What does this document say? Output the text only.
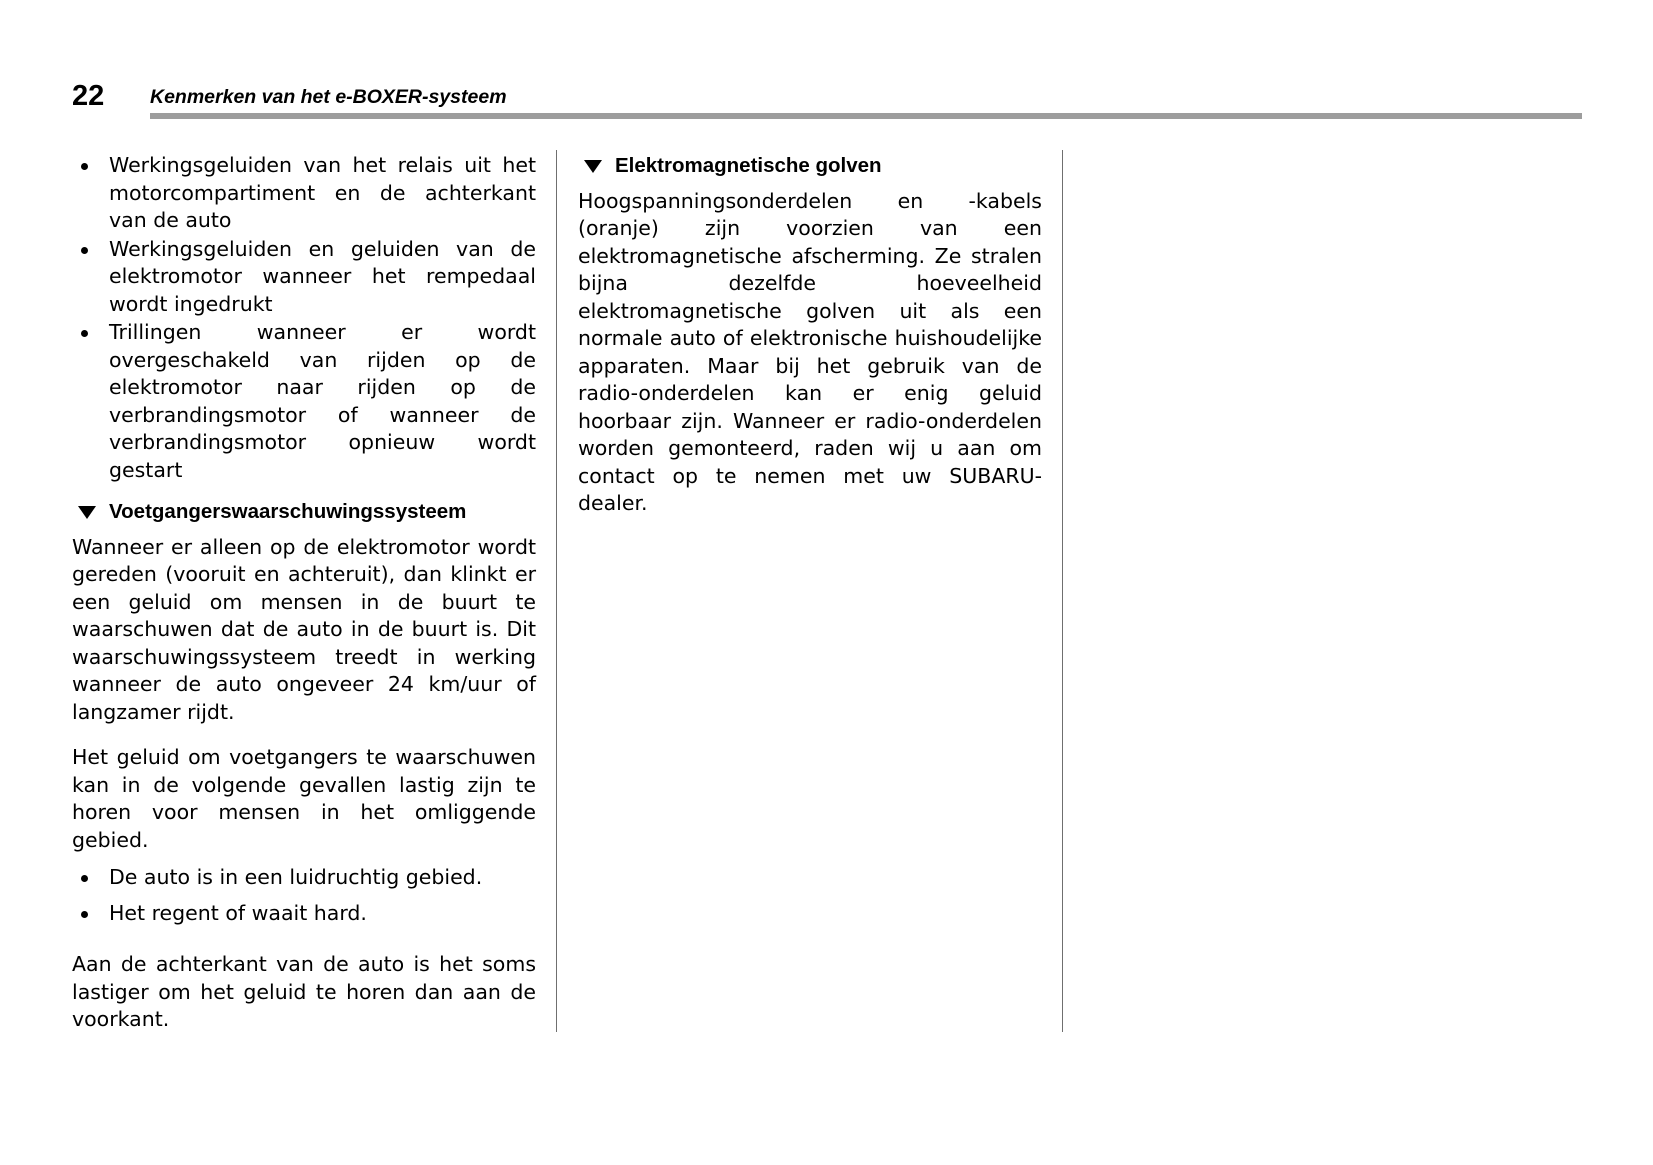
22 Kenmerken van het e-BOXER-systeem
Werkingsgeluiden van het relais uit het motorcompartiment en de achterkant van de auto
Werkingsgeluiden en geluiden van de elektromotor wanneer het rempedaal wordt ingedrukt
Trillingen wanneer er wordt overgeschakeld van rijden op de elektromotor naar rijden op de verbrandingsmotor of wanneer de verbrandingsmotor opnieuw wordt gestart
Voetgangerswaarschuwingssysteem

Wanneer er alleen op de elektromotor wordt gereden (vooruit en achteruit), dan klinkt er een geluid om mensen in de buurt te waarschuwen dat de auto in de buurt is. Dit waarschuwingssysteem treedt in werking wanneer de auto ongeveer 24 km/uur of langzamer rijdt.

Het geluid om voetgangers te waarschuwen kan in de volgende gevallen lastig zijn te horen voor mensen in het omliggende gebied.

De auto is in een luidruchtig gebied.
Het regent of waait hard.

Aan de achterkant van de auto is het soms lastiger om het geluid te horen dan aan de voorkant.

Elektromagnetische golven

Hoogspanningsonderdelen en -kabels (oranje) zijn voorzien van een elektromagnetische afscherming. Ze stralen bijna dezelfde hoeveelheid elektromagnetische golven uit als een normale auto of elektronische huishoudelijke apparaten. Maar bij het gebruik van de radio-onderdelen kan er enig geluid hoorbaar zijn. Wanneer er radio-onderdelen worden gemonteerd, raden wij u aan om contact op te nemen met uw SUBARU-dealer.
